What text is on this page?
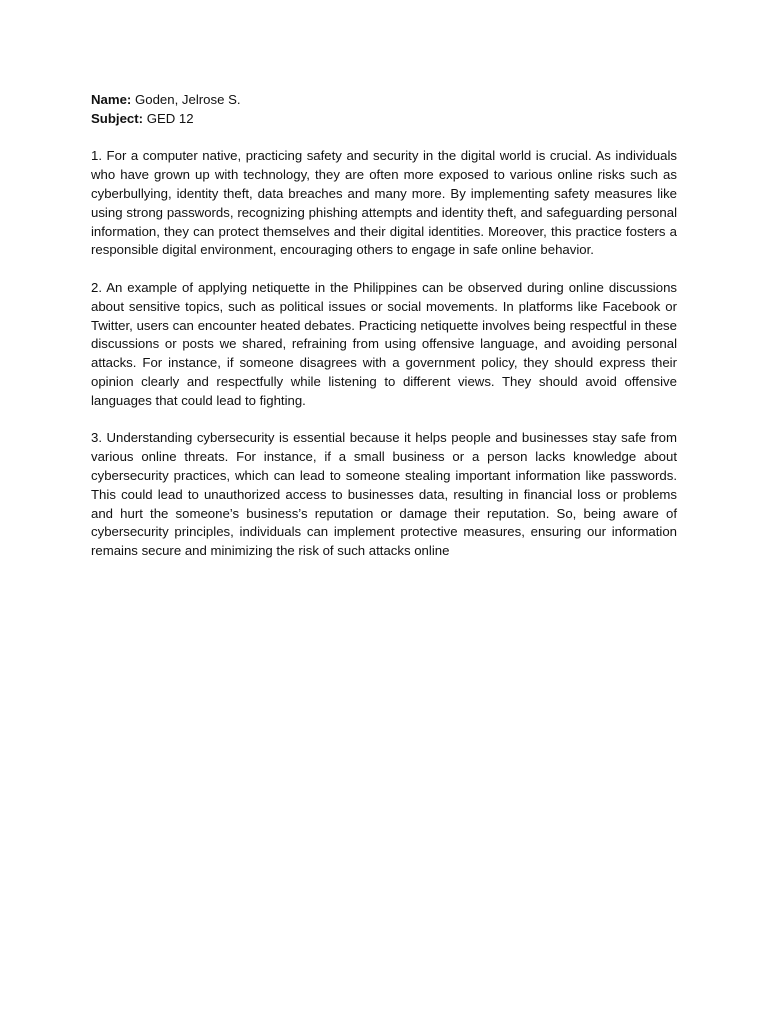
Name: Goden, Jelrose S.

Subject: GED 12

1. For a computer native, practicing safety and security in the digital world is crucial. As individuals who have grown up with technology, they are often more exposed to various online risks such as cyberbullying, identity theft, data breaches and many more. By implementing safety measures like using strong passwords, recognizing phishing attempts and identity theft, and safeguarding personal information, they can protect themselves and their digital identities. Moreover, this practice fosters a responsible digital environment, encouraging others to engage in safe online behavior.

2. An example of applying netiquette in the Philippines can be observed during online discussions about sensitive topics, such as political issues or social movements. In platforms like Facebook or Twitter, users can encounter heated debates. Practicing netiquette involves being respectful in these discussions or posts we shared, refraining from using offensive language, and avoiding personal attacks. For instance, if someone disagrees with a government policy, they should express their opinion clearly and respectfully while listening to different views. They should avoid offensive languages that could lead to fighting.

3. Understanding cybersecurity is essential because it helps people and businesses stay safe from various online threats. For instance, if a small business or a person lacks knowledge about cybersecurity practices, which can lead to someone stealing important information like passwords. This could lead to unauthorized access to businesses data, resulting in financial loss or problems and hurt the someone’s business’s reputation or damage their reputation. So, being aware of cybersecurity principles, individuals can implement protective measures, ensuring our information remains secure and minimizing the risk of such attacks online
